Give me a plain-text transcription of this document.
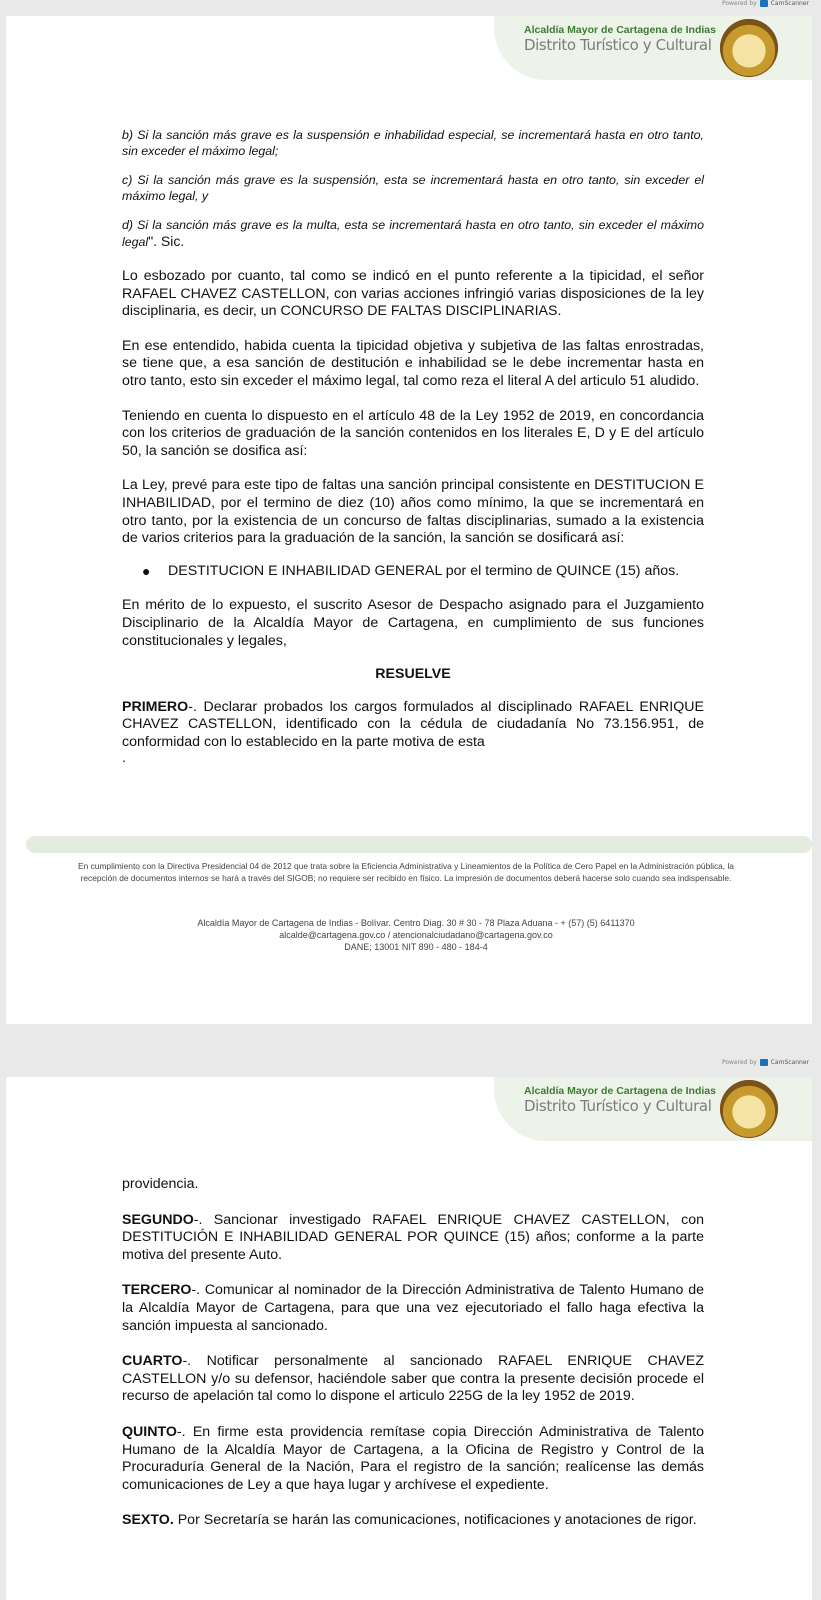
Powered by CamScanner
Alcaldía Mayor de Cartagena de Indias
Distrito Turístico y Cultural

b) Si la sanción más grave es la suspensión e inhabilidad especial, se incrementará hasta en otro tanto, sin exceder el máximo legal;

c) Si la sanción más grave es la suspensión, esta se incrementará hasta en otro tanto, sin exceder el máximo legal, y

d) Si la sanción más grave es la multa, esta se incrementará hasta en otro tanto, sin exceder el máximo legal". Sic.

Lo esbozado por cuanto, tal como se indicó en el punto referente a la tipicidad, el señor RAFAEL CHAVEZ CASTELLON, con varias acciones infringió varias disposiciones de la ley disciplinaria, es decir, un CONCURSO DE FALTAS DISCIPLINARIAS.

En ese entendido, habida cuenta la tipicidad objetiva y subjetiva de las faltas enrostradas, se tiene que, a esa sanción de destitución e inhabilidad se le debe incrementar hasta en otro tanto, esto sin exceder el máximo legal, tal como reza el literal A del articulo 51 aludido.

Teniendo en cuenta lo dispuesto en el artículo 48 de la Ley 1952 de 2019, en concordancia con los criterios de graduación de la sanción contenidos en los literales E, D y E del artículo 50, la sanción se dosifica así:

La Ley, prevé para este tipo de faltas una sanción principal consistente en DESTITUCION E INHABILIDAD, por el termino de diez (10) años como mínimo, la que se incrementará en otro tanto, por la existencia de un concurso de faltas disciplinarias, sumado a la existencia de varios criterios para la graduación de la sanción, la sanción se dosificará así:

●	DESTITUCION E INHABILIDAD GENERAL por el termino de QUINCE (15) años.

En mérito de lo expuesto, el suscrito Asesor de Despacho asignado para el Juzgamiento Disciplinario de la Alcaldía Mayor de Cartagena, en cumplimiento de sus funciones constitucionales y legales,

RESUELVE

PRIMERO-. Declarar probados los cargos formulados al disciplinado RAFAEL ENRIQUE CHAVEZ CASTELLON, identificado con la cédula de ciudadanía No 73.156.951, de conformidad con lo establecido en la parte motiva de esta

.

En cumplimiento con la Directiva Presidencial 04 de 2012 que trata sobre la Eficiencia Administrativa y Lineamientos de la Política de Cero Papel en la Administración pública, la recepción de documentos internos se hará a través del SIGOB; no requiere ser recibido en físico. La impresión de documentos deberá hacerse solo cuando sea indispensable.
Alcaldía Mayor de Cartagena de Indias - Bolívar. Centro Diag. 30 # 30 - 78 Plaza Aduana - + (57) (5) 6411370
alcalde@cartagena.gov.co / atencionalciudadano@cartagena.gov.co
DANE; 13001 NIT 890 - 480 - 184-4
Powered by CamScanner
Alcaldía Mayor de Cartagena de Indias
Distrito Turístico y Cultural

providencia.

SEGUNDO-. Sancionar investigado RAFAEL ENRIQUE CHAVEZ CASTELLON, con DESTITUCIÓN E INHABILIDAD GENERAL POR QUINCE (15) años; conforme a la parte motiva del presente Auto.

TERCERO-. Comunicar al nominador de la Dirección Administrativa de Talento Humano de la Alcaldía Mayor de Cartagena, para que una vez ejecutoriado el fallo haga efectiva la sanción impuesta al sancionado.

CUARTO-. Notificar personalmente al sancionado RAFAEL ENRIQUE CHAVEZ CASTELLON y/o su defensor, haciéndole saber que contra la presente decisión procede el recurso de apelación tal como lo dispone el articulo 225G de la ley 1952 de 2019.

QUINTO-. En firme esta providencia remítase copia Dirección Administrativa de Talento Humano de la Alcaldía Mayor de Cartagena, a la Oficina de Registro y Control de la Procuraduría General de la Nación, Para el registro de la sanción; realícense las demás comunicaciones de Ley a que haya lugar y archívese el expediente.

SEXTO. Por Secretaría se harán las comunicaciones, notificaciones y anotaciones de rigor.
